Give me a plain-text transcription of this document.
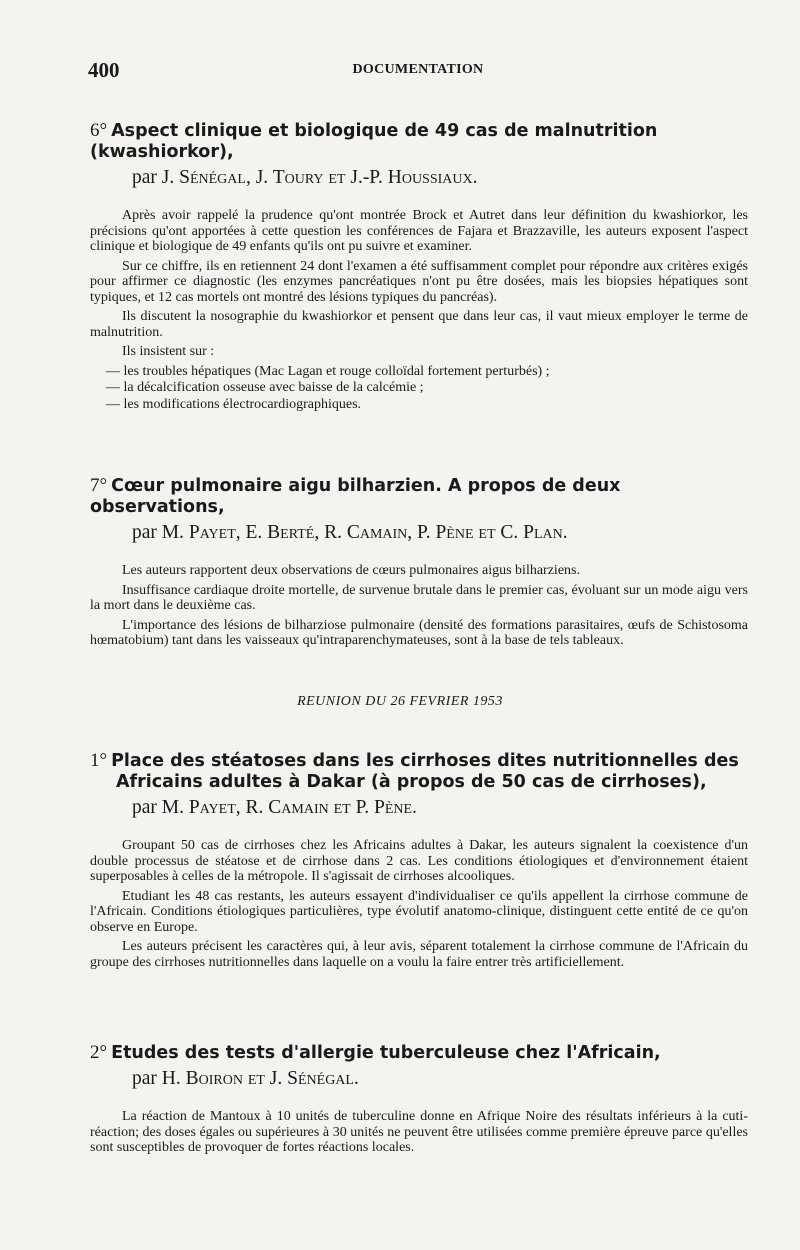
400	DOCUMENTATION
6° Aspect clinique et biologique de 49 cas de malnutrition (kwashiorkor),
par J. Sénégal, J. Toury et J.-P. Houssiaux.

Après avoir rappelé la prudence qu'ont montrée Brock et Autret dans leur définition du kwashiorkor, les précisions qu'ont apportées à cette question les conférences de Fajara et Brazzaville, les auteurs exposent l'aspect clinique et biologique de 49 enfants qu'ils ont pu suivre et examiner.

Sur ce chiffre, ils en retiennent 24 dont l'examen a été suffisamment complet pour répondre aux critères exigés pour affirmer ce diagnostic (les enzymes pancréatiques n'ont pu être dosées, mais les biopsies hépatiques sont typiques, et 12 cas mortels ont montré des lésions typiques du pancréas).

Ils discutent la nosographie du kwashiorkor et pensent que dans leur cas, il vaut mieux employer le terme de malnutrition.

Ils insistent sur :

— les troubles hépatiques (Mac Lagan et rouge colloïdal fortement perturbés) ;
— la décalcification osseuse avec baisse de la calcémie ;
— les modifications électrocardiographiques.
7° Cœur pulmonaire aigu bilharzien. A propos de deux observations,
par M. Payet, E. Berté, R. Camain, P. Pène et C. Plan.

Les auteurs rapportent deux observations de cœurs pulmonaires aigus bilharziens.

Insuffisance cardiaque droite mortelle, de survenue brutale dans le premier cas, évoluant sur un mode aigu vers la mort dans le deuxième cas.

L'importance des lésions de bilharziose pulmonaire (densité des formations parasitaires, œufs de Schistosoma hœmatobium) tant dans les vaisseaux qu'intraparenchymateuses, sont à la base de tels tableaux.

REUNION DU 26 FEVRIER 1953
1° Place des stéatoses dans les cirrhoses dites nutritionnelles des
Africains adultes à Dakar (à propos de 50 cas de cirrhoses),
par M. Payet, R. Camain et P. Pène.

Groupant 50 cas de cirrhoses chez les Africains adultes à Dakar, les auteurs signalent la coexistence d'un double processus de stéatose et de cirrhose dans 2 cas. Les conditions étiologiques et d'environnement étaient superposables à celles de la métropole. Il s'agissait de cirrhoses alcooliques.

Etudiant les 48 cas restants, les auteurs essayent d'individualiser ce qu'ils appellent la cirrhose commune de l'Africain. Conditions étiologiques particulières, type évolutif anatomo-clinique, distinguent cette entité de ce qu'on observe en Europe.

Les auteurs précisent les caractères qui, à leur avis, séparent totalement la cirrhose commune de l'Africain du groupe des cirrhoses nutritionnelles dans laquelle on a voulu la faire entrer très artificiellement.

2° Etudes des tests d'allergie tuberculeuse chez l'Africain,
par H. Boiron et J. Sénégal.

La réaction de Mantoux à 10 unités de tuberculine donne en Afrique Noire des résultats inférieurs à la cuti-réaction; des doses égales ou supérieures à 30 unités ne peuvent être utilisées comme première épreuve parce qu'elles sont susceptibles de provoquer de fortes réactions locales.
